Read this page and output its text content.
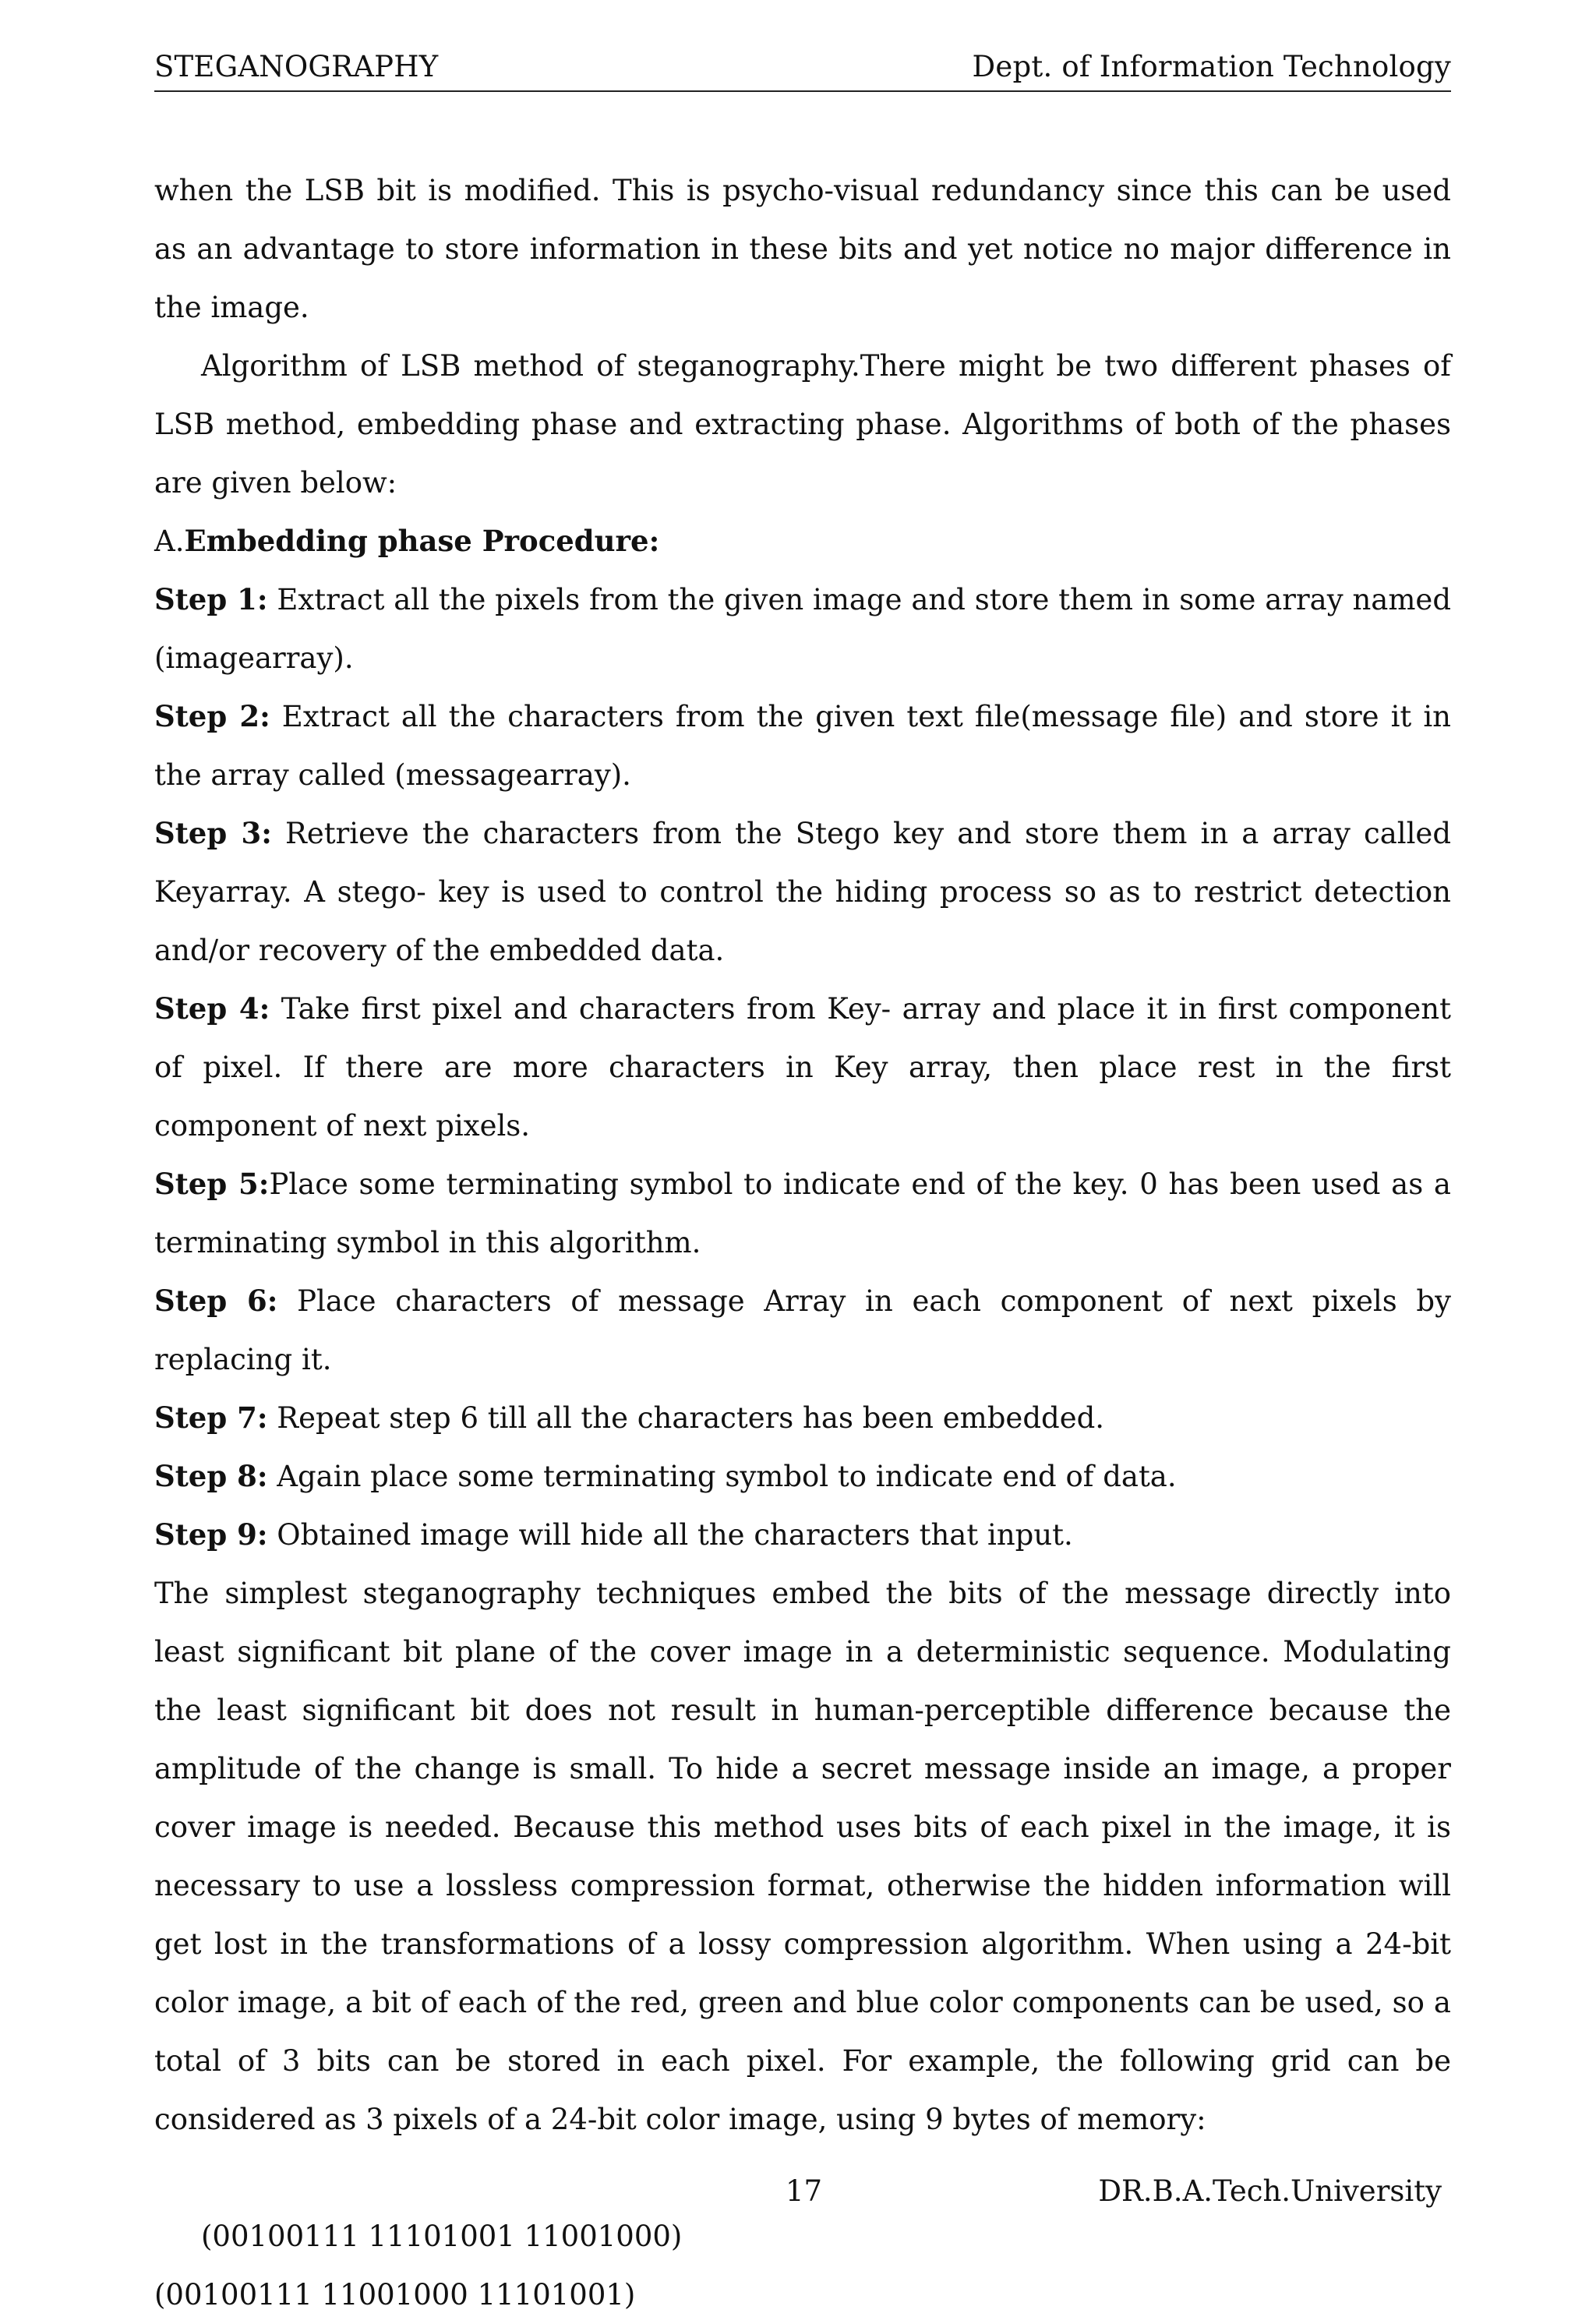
STEGANOGRAPHY	Dept. of Information Technology

when the LSB bit is modified. This is psycho-visual redundancy since this can be used as an advantage to store information in these bits and yet notice no major difference in the image.

Algorithm of LSB method of steganography.There might be two different phases of LSB method, embedding phase and extracting phase. Algorithms of both of the phases are given below:

A.Embedding phase Procedure:

Step 1: Extract all the pixels from the given image and store them in some array named (imagearray).

Step 2: Extract all the characters from the given text file(message file) and store it in the array called (messagearray).

Step 3: Retrieve the characters from the Stego key and store them in a array called Keyarray. A stego- key is used to control the hiding process so as to restrict detection and/or recovery of the embedded data.

Step 4: Take first pixel and characters from Key- array and place it in first component of pixel. If there are more characters in Key array, then place rest in the first component of next pixels.

Step 5:Place some terminating symbol to indicate end of the key. 0 has been used as a terminating symbol in this algorithm.

Step 6: Place characters of message Array in each component of next pixels by replacing it.

Step 7: Repeat step 6 till all the characters has been embedded.

Step 8: Again place some terminating symbol to indicate end of data.

Step 9: Obtained image will hide all the characters that input.

The simplest steganography techniques embed the bits of the message directly into least significant bit plane of the cover image in a deterministic sequence. Modulating the least significant bit does not result in human-perceptible difference because the amplitude of the change is small. To hide a secret message inside an image, a proper cover image is needed. Because this method uses bits of each pixel in the image, it is necessary to use a lossless compression format, otherwise the hidden information will get lost in the transformations of a lossy compression algorithm. When using a 24-bit color image, a bit of each of the red, green and blue color components can be used, so a total of 3 bits can be stored in each pixel. For example, the following grid can be considered as 3 pixels of a 24-bit color image, using 9 bytes of memory:

(00100111 11101001 11001000)

(00100111 11001000 11101001)

17	DR.B.A.Tech.University
